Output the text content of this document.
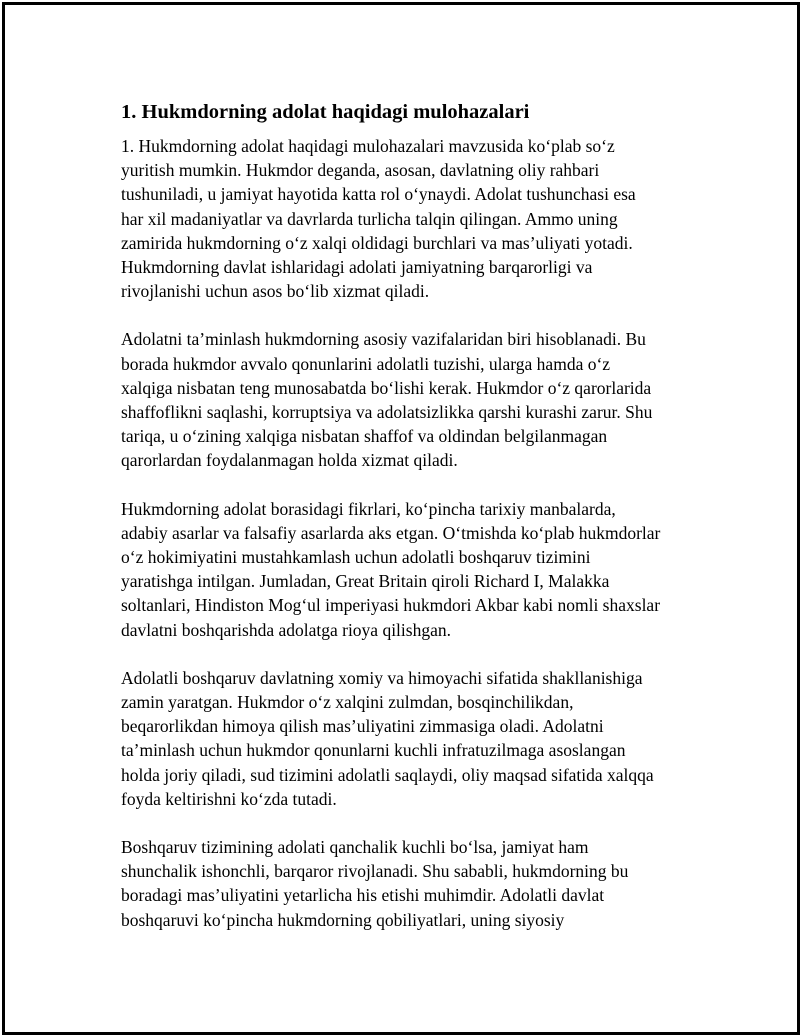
1. Hukmdorning adolat haqidagi mulohazalari

1. Hukmdorning adolat haqidagi mulohazalari mavzusida ko‘plab so‘z
yuritish mumkin. Hukmdor deganda, asosan, davlatning oliy rahbari
tushuniladi, u jamiyat hayotida katta rol o‘ynaydi. Adolat tushunchasi esa
har xil madaniyatlar va davrlarda turlicha talqin qilingan. Ammo uning
zamirida hukmdorning o‘z xalqi oldidagi burchlari va mas’uliyati yotadi.
Hukmdorning davlat ishlaridagi adolati jamiyatning barqarorligi va
rivojlanishi uchun asos bo‘lib xizmat qiladi.

Adolatni ta’minlash hukmdorning asosiy vazifalaridan biri hisoblanadi. Bu
borada hukmdor avvalo qonunlarini adolatli tuzishi, ularga hamda o‘z
xalqiga nisbatan teng munosabatda bo‘lishi kerak. Hukmdor o‘z qarorlarida
shaffoflikni saqlashi, korruptsiya va adolatsizlikka qarshi kurashi zarur. Shu
tariqa, u o‘zining xalqiga nisbatan shaffof va oldindan belgilanmagan
qarorlardan foydalanmagan holda xizmat qiladi.

Hukmdorning adolat borasidagi fikrlari, ko‘pincha tarixiy manbalarda,
adabiy asarlar va falsafiy asarlarda aks etgan. O‘tmishda ko‘plab hukmdorlar
o‘z hokimiyatini mustahkamlash uchun adolatli boshqaruv tizimini
yaratishga intilgan. Jumladan, Great Britain qiroli Richard I, Malakka
soltanlari, Hindiston Mog‘ul imperiyasi hukmdori Akbar kabi nomli shaxslar
davlatni boshqarishda adolatga rioya qilishgan.

Adolatli boshqaruv davlatning xomiy va himoyachi sifatida shakllanishiga
zamin yaratgan. Hukmdor o‘z xalqini zulmdan, bosqinchilikdan,
beqarorlikdan himoya qilish mas’uliyatini zimmasiga oladi. Adolatni
ta’minlash uchun hukmdor qonunlarni kuchli infratuzilmaga asoslangan
holda joriy qiladi, sud tizimini adolatli saqlaydi, oliy maqsad sifatida xalqqa
foyda keltirishni ko‘zda tutadi.

Boshqaruv tizimining adolati qanchalik kuchli bo‘lsa, jamiyat ham
shunchalik ishonchli, barqaror rivojlanadi. Shu sababli, hukmdorning bu
boradagi mas’uliyatini yetarlicha his etishi muhimdir. Adolatli davlat
boshqaruvi ko‘pincha hukmdorning qobiliyatlari, uning siyosiy
